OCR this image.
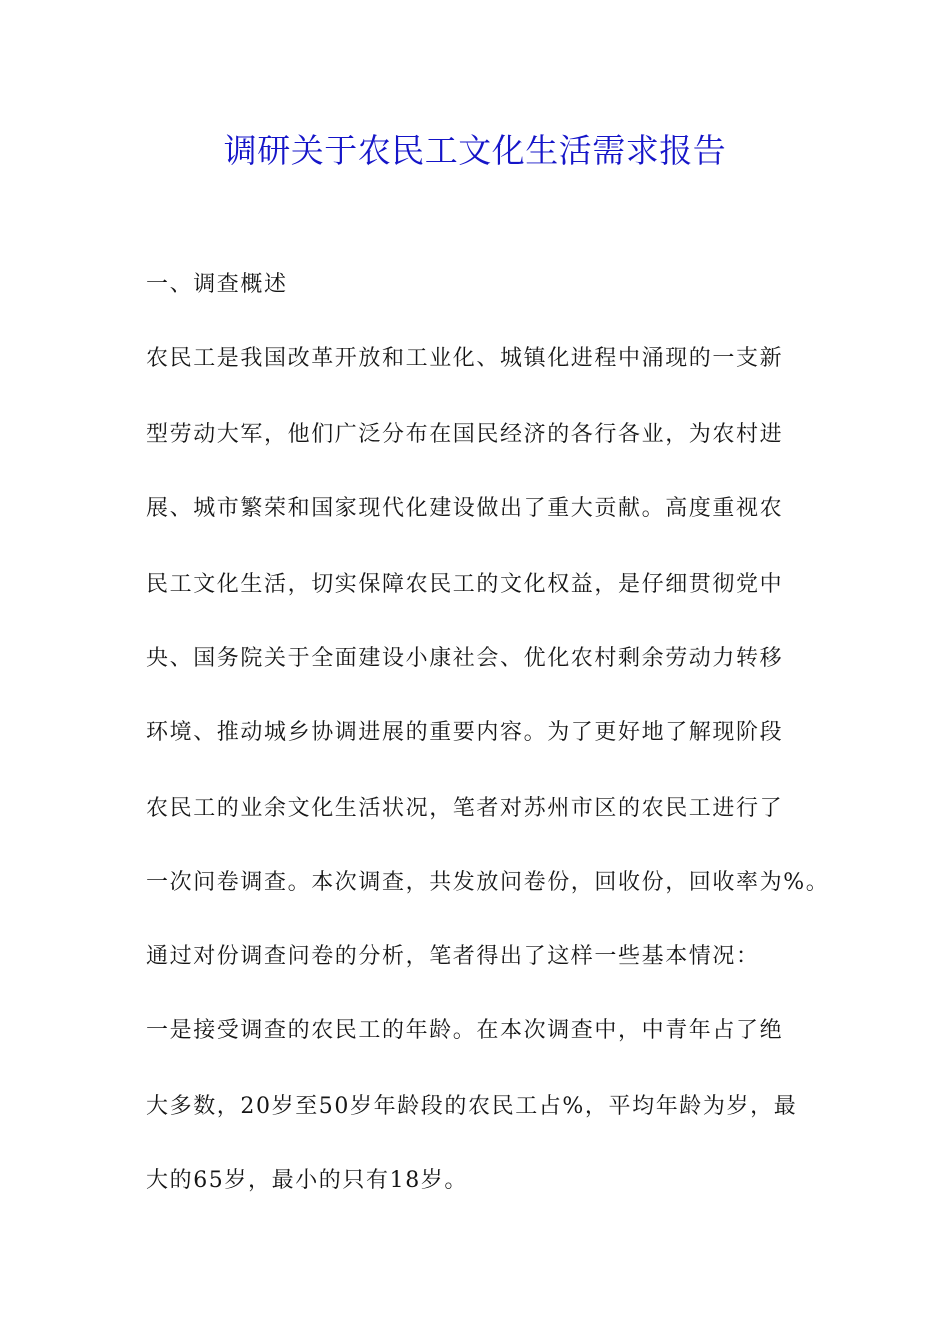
调研关于农民工文化生活需求报告
一、调查概述
农民工是我国改革开放和工业化、城镇化进程中涌现的一支新
型劳动大军，他们广泛分布在国民经济的各行各业，为农村进
展、城市繁荣和国家现代化建设做出了重大贡献。高度重视农
民工文化生活，切实保障农民工的文化权益，是仔细贯彻党中
央、国务院关于全面建设小康社会、优化农村剩余劳动力转移
环境、推动城乡协调进展的重要内容。为了更好地了解现阶段
农民工的业余文化生活状况，笔者对苏州市区的农民工进行了
一次问卷调查。本次调查，共发放问卷份，回收份，回收率为%。
通过对份调查问卷的分析，笔者得出了这样一些基本情况：
一是接受调查的农民工的年龄。在本次调查中，中青年占了绝
大多数，20岁至50岁年龄段的农民工占%，平均年龄为岁，最
大的65岁，最小的只有18岁。
